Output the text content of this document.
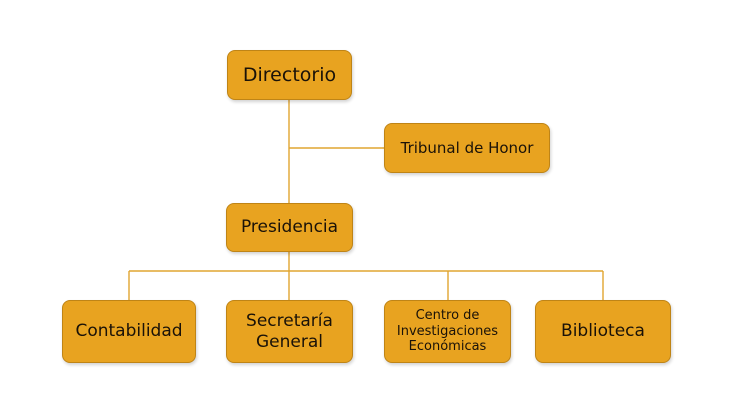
Directorio
Tribunal de Honor
Presidencia
Contabilidad
Secretaría
General
Centro de
Investigaciones
Económicas
Biblioteca
